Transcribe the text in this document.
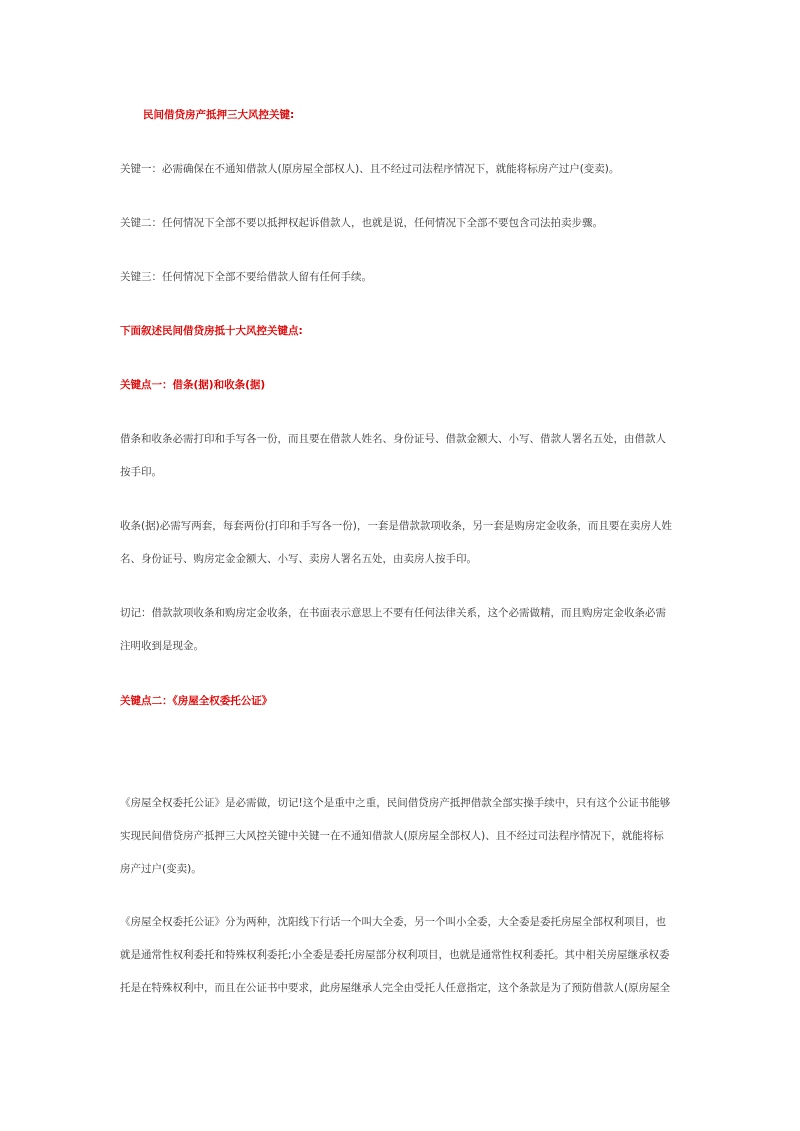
民间借贷房产抵押三大风控关键:
关键一：必需确保在不通知借款人(原房屋全部权人)、且不经过司法程序情况下，就能将标房产过户(变卖)。
关键二：任何情况下全部不要以抵押权起诉借款人，也就是说，任何情况下全部不要包含司法拍卖步骤。
关键三：任何情况下全部不要给借款人留有任何手续。
下面叙述民间借贷房抵十大风控关键点:
关键点一：借条(据)和收条(据)
借条和收条必需打印和手写各一份，而且要在借款人姓名、身份证号、借款金额大、小写、借款人署名五处，由借款人
按手印。
收条(据)必需写两套，每套两份(打印和手写各一份)，一套是借款款项收条，另一套是购房定金收条，而且要在卖房人姓
名、身份证号、购房定金金额大、小写、卖房人署名五处，由卖房人按手印。
切记：借款款项收条和购房定金收条，在书面表示意思上不要有任何法律关系，这个必需做精，而且购房定金收条必需
注明收到是现金。
关键点二：《房屋全权委托公证》
《房屋全权委托公证》是必需做，切记!这个是重中之重，民间借贷房产抵押借款全部实操手续中，只有这个公证书能够
实现民间借贷房产抵押三大风控关键中关键一在不通知借款人(原房屋全部权人)、且不经过司法程序情况下，就能将标
房产过户(变卖)。
《房屋全权委托公证》分为两种，沈阳线下行话一个叫大全委，另一个叫小全委，大全委是委托房屋全部权利项目，也
就是通常性权利委托和特殊权利委托;小全委是委托房屋部分权利项目，也就是通常性权利委托。其中相关房屋继承权委
托是在特殊权利中，而且在公证书中要求，此房屋继承人完全由受托人任意指定，这个条款是为了预防借款人(原房屋全
